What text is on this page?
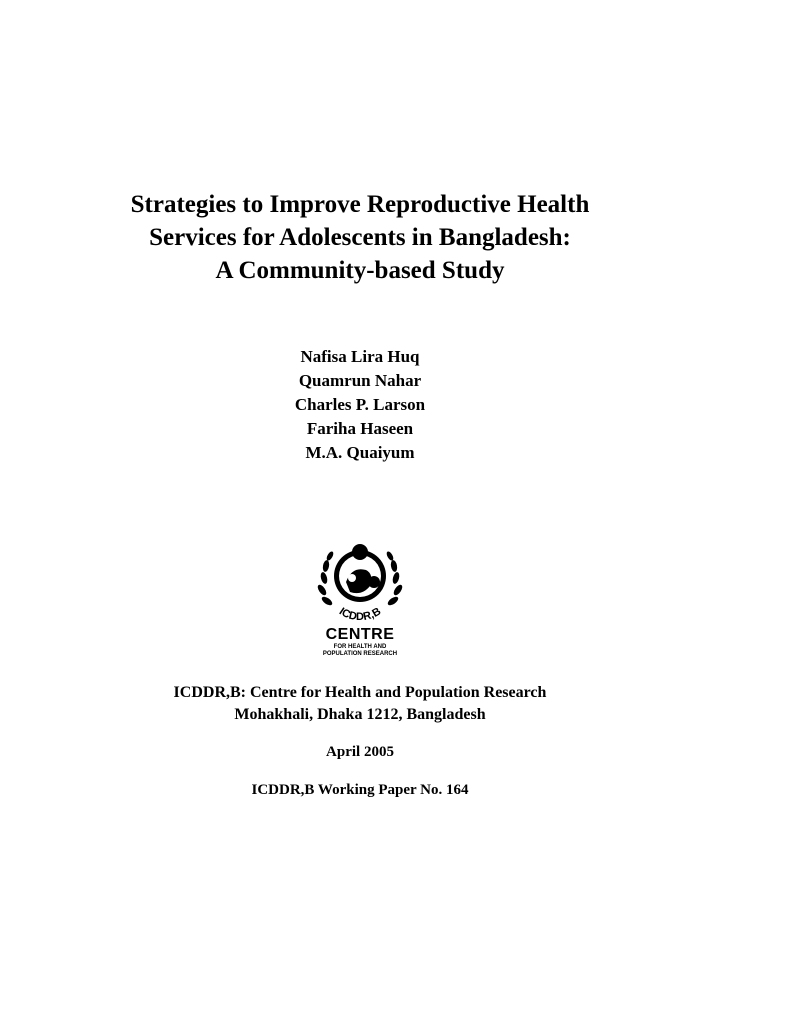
Strategies to Improve Reproductive Health
Services for Adolescents in Bangladesh:
A Community-based Study
Nafisa Lira Huq
Quamrun Nahar
Charles P. Larson
Fariha Haseen
M.A. Quaiyum
ICDDR,B
CENTRE
FOR HEALTH AND
POPULATION RESEARCH
ICDDR,B: Centre for Health and Population Research
Mohakhali, Dhaka 1212, Bangladesh
April 2005
ICDDR,B Working Paper No. 164
